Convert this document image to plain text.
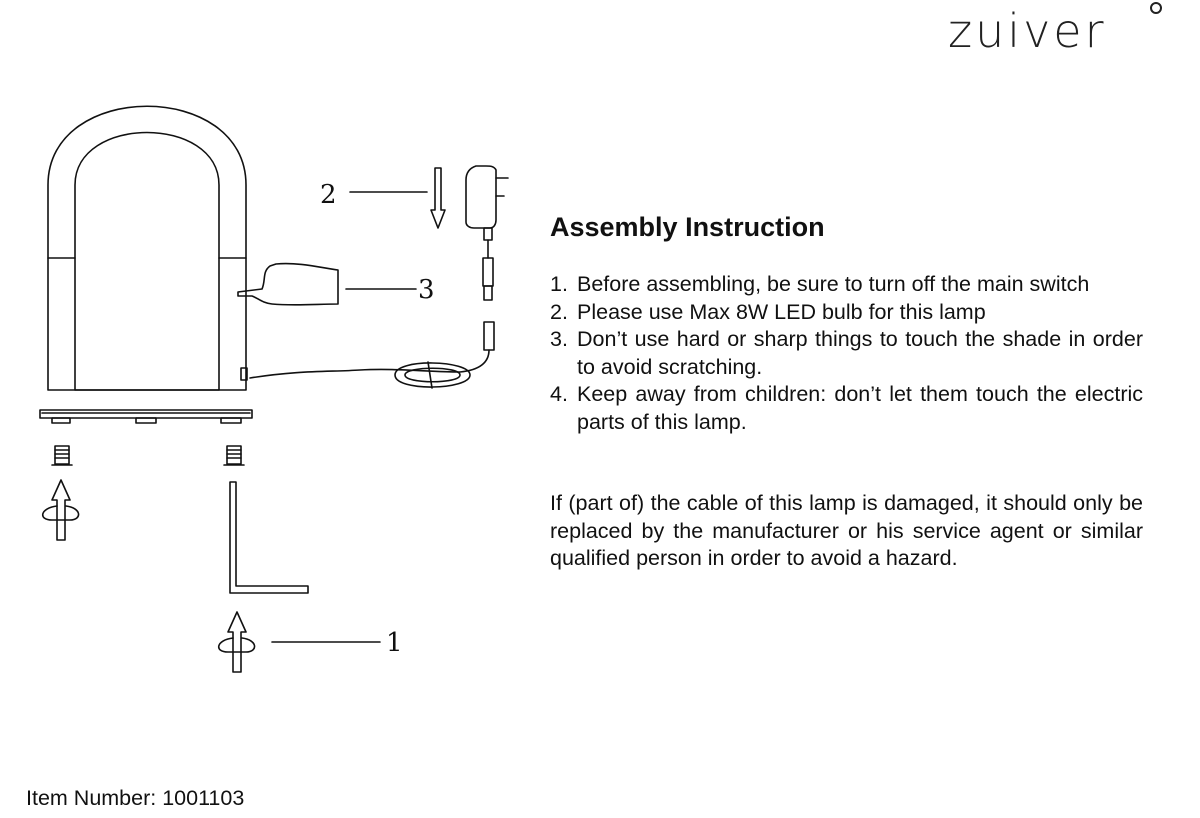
zuiver
2
3
1
Assembly Instruction
1. Before assembling, be sure to turn off the main switch
2. Please use Max 8W LED bulb for this lamp
3. Don’t use hard or sharp things to touch the shade in order to avoid scratching.
4. Keep away from children: don’t let them touch the electric parts of this lamp.

If (part of) the cable of this lamp is damaged, it should only be replaced by the manufacturer or his service agent or similar qualified person in order to avoid a hazard.

Item Number: 1001103
